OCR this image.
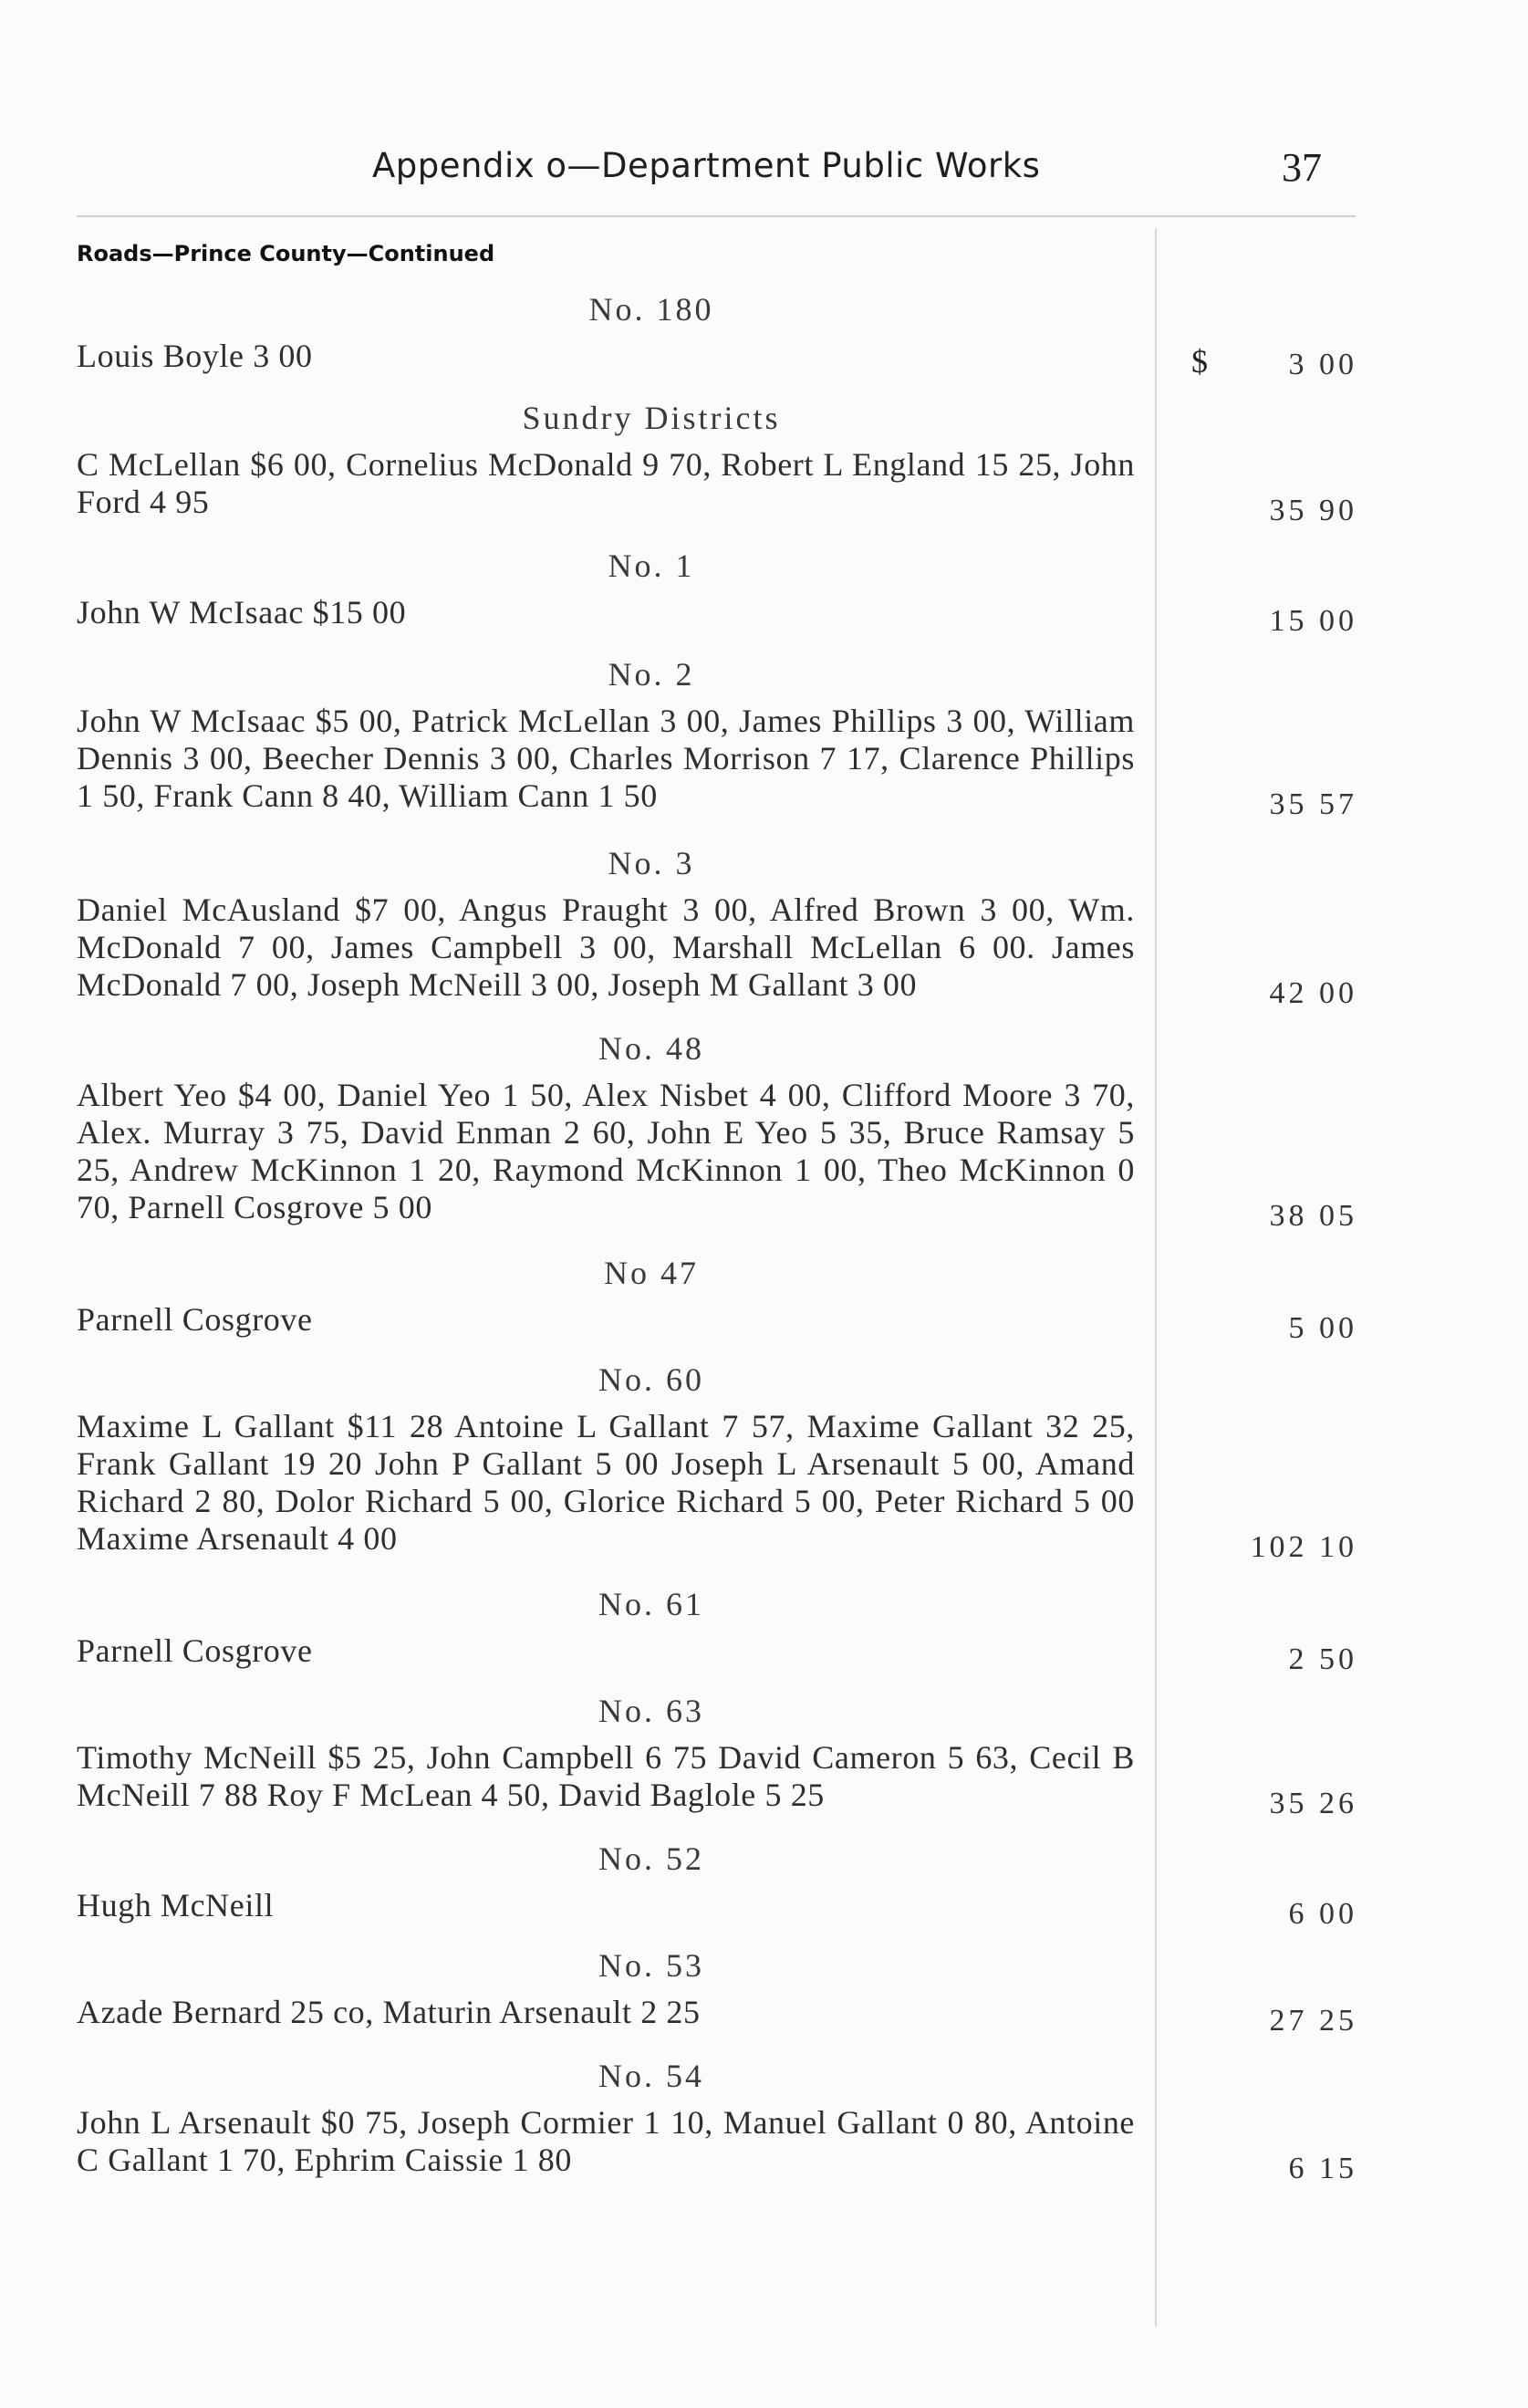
Appendix o—Department Public Works	37
Roads—Prince County—Continued
No. 180
Louis Boyle 3 00	3 00
$
Sundry Districts
C McLellan $6 00, Cornelius McDonald 9 70, Robert L England 15 25, John Ford 4 95	35 90
No. 1
John W McIsaac $15 00	15 00
No. 2
John W McIsaac $5 00, Patrick McLellan 3 00, James Phillips 3 00, William Dennis 3 00, Beecher Dennis 3 00, Charles Morrison 7 17, Clarence Phillips 1 50, Frank Cann 8 40, William Cann 1 50	35 57
No. 3
Daniel McAusland $7 00, Angus Praught 3 00, Alfred Brown 3 00, Wm. McDonald 7 00, James Campbell 3 00, Marshall McLellan 6 00. James McDonald 7 00, Joseph McNeill 3 00, Joseph M Gallant 3 00	42 00
No. 48
Albert Yeo $4 00, Daniel Yeo 1 50, Alex Nisbet 4 00, Clifford Moore 3 70, Alex. Murray 3 75, David Enman 2 60, John E Yeo 5 35, Bruce Ramsay 5 25, Andrew McKinnon 1 20, Raymond McKinnon 1 00, Theo McKinnon 0 70, Parnell Cosgrove 5 00	38 05
No 47
Parnell Cosgrove	5 00
No. 60
Maxime L Gallant $11 28 Antoine L Gallant 7 57, Maxime Gallant 32 25, Frank Gallant 19 20 John P Gallant 5 00 Joseph L Arsenault 5 00, Amand Richard 2 80, Dolor Richard 5 00, Glorice Richard 5 00, Peter Richard 5 00 Maxime Arsenault 4 00	102 10
No. 61
Parnell Cosgrove	2 50
No. 63
Timothy McNeill $5 25, John Campbell 6 75 David Cameron 5 63, Cecil B McNeill 7 88 Roy F McLean 4 50, David Baglole 5 25	35 26
No. 52
Hugh McNeill	6 00
No. 53
Azade Bernard 25 co, Maturin Arsenault 2 25	27 25
No. 54
John L Arsenault $0 75, Joseph Cormier 1 10, Manuel Gallant 0 80, Antoine C Gallant 1 70, Ephrim Caissie 1 80	6 15
